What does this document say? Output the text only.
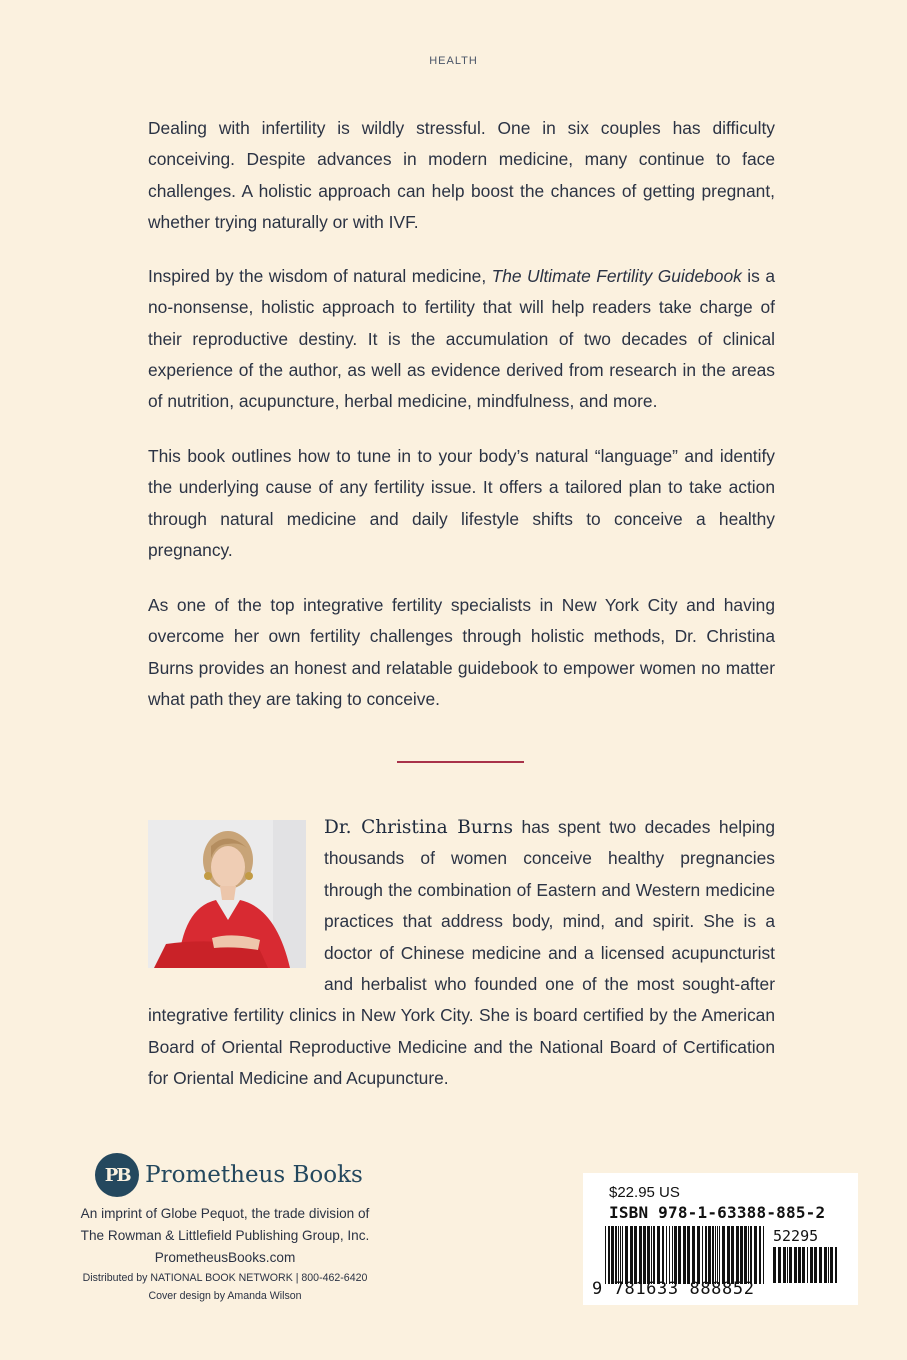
HEALTH
Dealing with infertility is wildly stressful. One in six couples has difficulty conceiving. Despite advances in modern medicine, many continue to face challenges. A holistic approach can help boost the chances of getting pregnant, whether trying naturally or with IVF.
Inspired by the wisdom of natural medicine, The Ultimate Fertility Guidebook is a no-nonsense, holistic approach to fertility that will help readers take charge of their reproductive destiny. It is the accumulation of two decades of clinical experience of the author, as well as evidence derived from research in the areas of nutrition, acupuncture, herbal medicine, mindfulness, and more.
This book outlines how to tune in to your body’s natural “language” and identify the underlying cause of any fertility issue. It offers a tailored plan to take action through natural medicine and daily lifestyle shifts to conceive a healthy pregnancy.
As one of the top integrative fertility specialists in New York City and having overcome her own fertility challenges through holistic methods, Dr. Christina Burns provides an honest and relatable guidebook to empower women no matter what path they are taking to conceive.
Dr. Christina Burns has spent two decades helping thousands of women conceive healthy pregnancies through the combination of Eastern and Western medicine practices that address body, mind, and spirit. She is a doctor of Chinese medicine and a licensed acupuncturist and herbalist who founded one of the most sought-after integrative fertility clinics in New York City. She is board certified by the American Board of Oriental Reproductive Medicine and the National Board of Certification for Oriental Medicine and Acupuncture.
PB Prometheus Books
An imprint of Globe Pequot, the trade division of
The Rowman & Littlefield Publishing Group, Inc.
PrometheusBooks.com
Distributed by NATIONAL BOOK NETWORK | 800-462-6420
Cover design by Amanda Wilson
$22.95 US
ISBN 978-1-63388-885-2
52295
9 781633 888852
